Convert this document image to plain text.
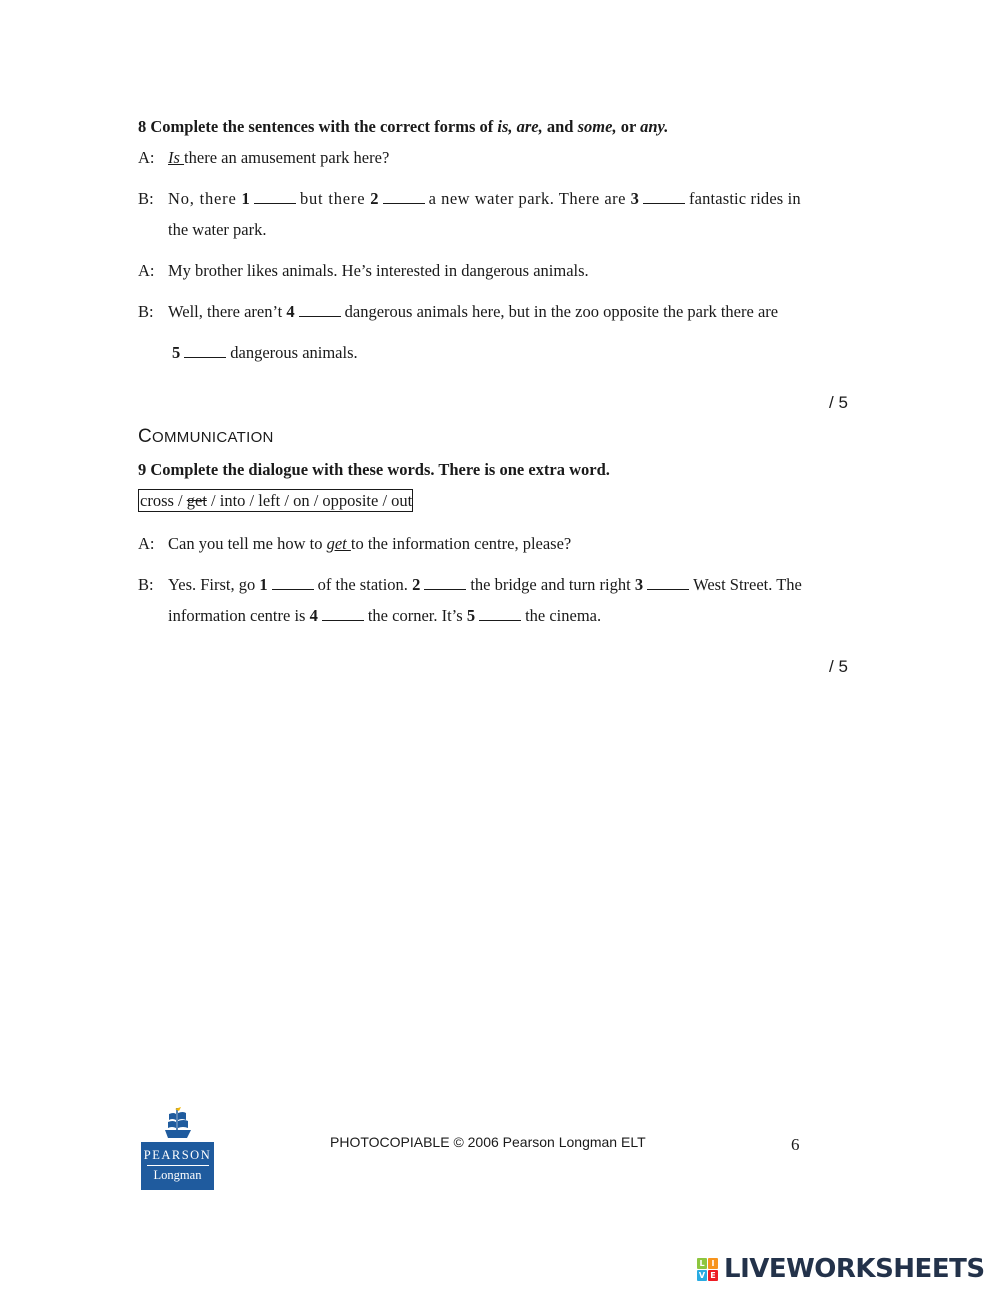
8 Complete the sentences with the correct forms of is, are, and some, or any.
A: Is there an amusement park here?
B: No, there 1	but there 2	a new water park. There are 3	fantastic rides in
the water park.
A: My brother likes animals. He’s interested in dangerous animals.
B: Well, there aren’t 4	dangerous animals here, but in the zoo opposite the park there are
5	dangerous animals.
/ 5
COMMUNICATION
9 Complete the dialogue with these words. There is one extra word.
cross / get / into / left / on / opposite / out
A: Can you tell me how to get to the information centre, please?
B: Yes. First, go 1	of the station. 2	the bridge and turn right 3	West Street. The
information centre is 4	the corner. It’s 5	the cinema.
/ 5
PEARSON
Longman
PHOTOCOPIABLE © 2006 Pearson Longman ELT	6
L I
V E LIVEWORKSHEETS
